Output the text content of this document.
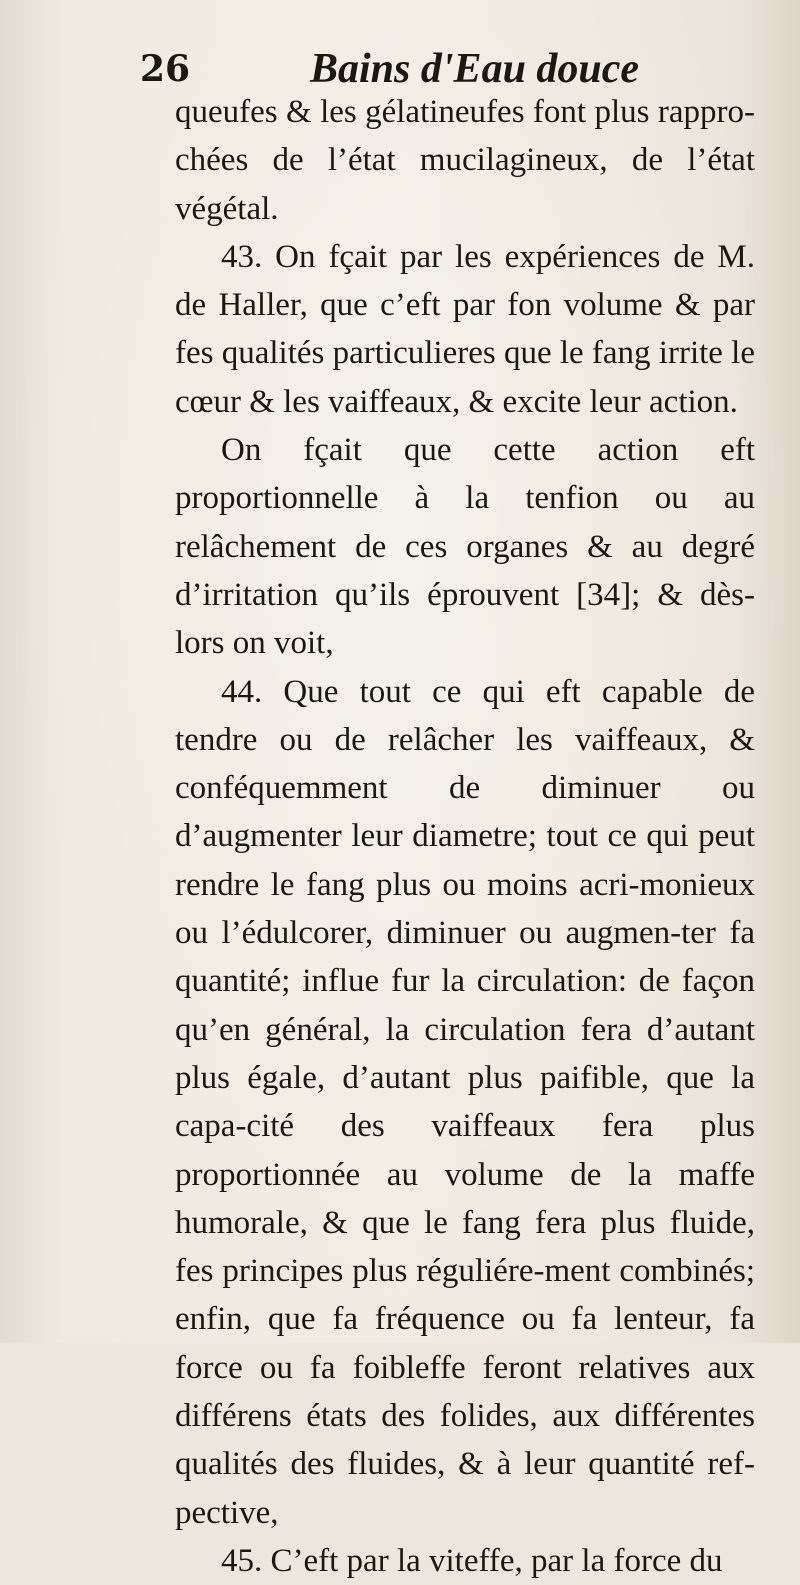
26	Bains d'Eau douce

queufes & les gélatineufes font plus rappro-chées de l’état mucilagineux, de l’état végétal.

43. On fçait par les expériences de M. de Haller, que c’eft par fon volume & par fes qualités particulieres que le fang irrite le cœur & les vaiffeaux, & excite leur action.

On fçait que cette action eft proportionnelle à la tenfion ou au relâchement de ces organes & au degré d’irritation qu’ils éprouvent [34]; & dès-lors on voit,

44. Que tout ce qui eft capable de tendre ou de relâcher les vaiffeaux, & conféquemment de diminuer ou d’augmenter leur diametre; tout ce qui peut rendre le fang plus ou moins acri-monieux ou l’édulcorer, diminuer ou augmen-ter fa quantité; influe fur la circulation: de façon qu’en général, la circulation fera d’autant plus égale, d’autant plus paifible, que la capa-cité des vaiffeaux fera plus proportionnée au volume de la maffe humorale, & que le fang fera plus fluide, fes principes plus réguliére-ment combinés; enfin, que fa fréquence ou fa lenteur, fa force ou fa foibleffe feront relatives aux différens états des folides, aux différentes qualités des fluides, & à leur quantité ref-pective,

45. C’eft par la viteffe, par la force du
